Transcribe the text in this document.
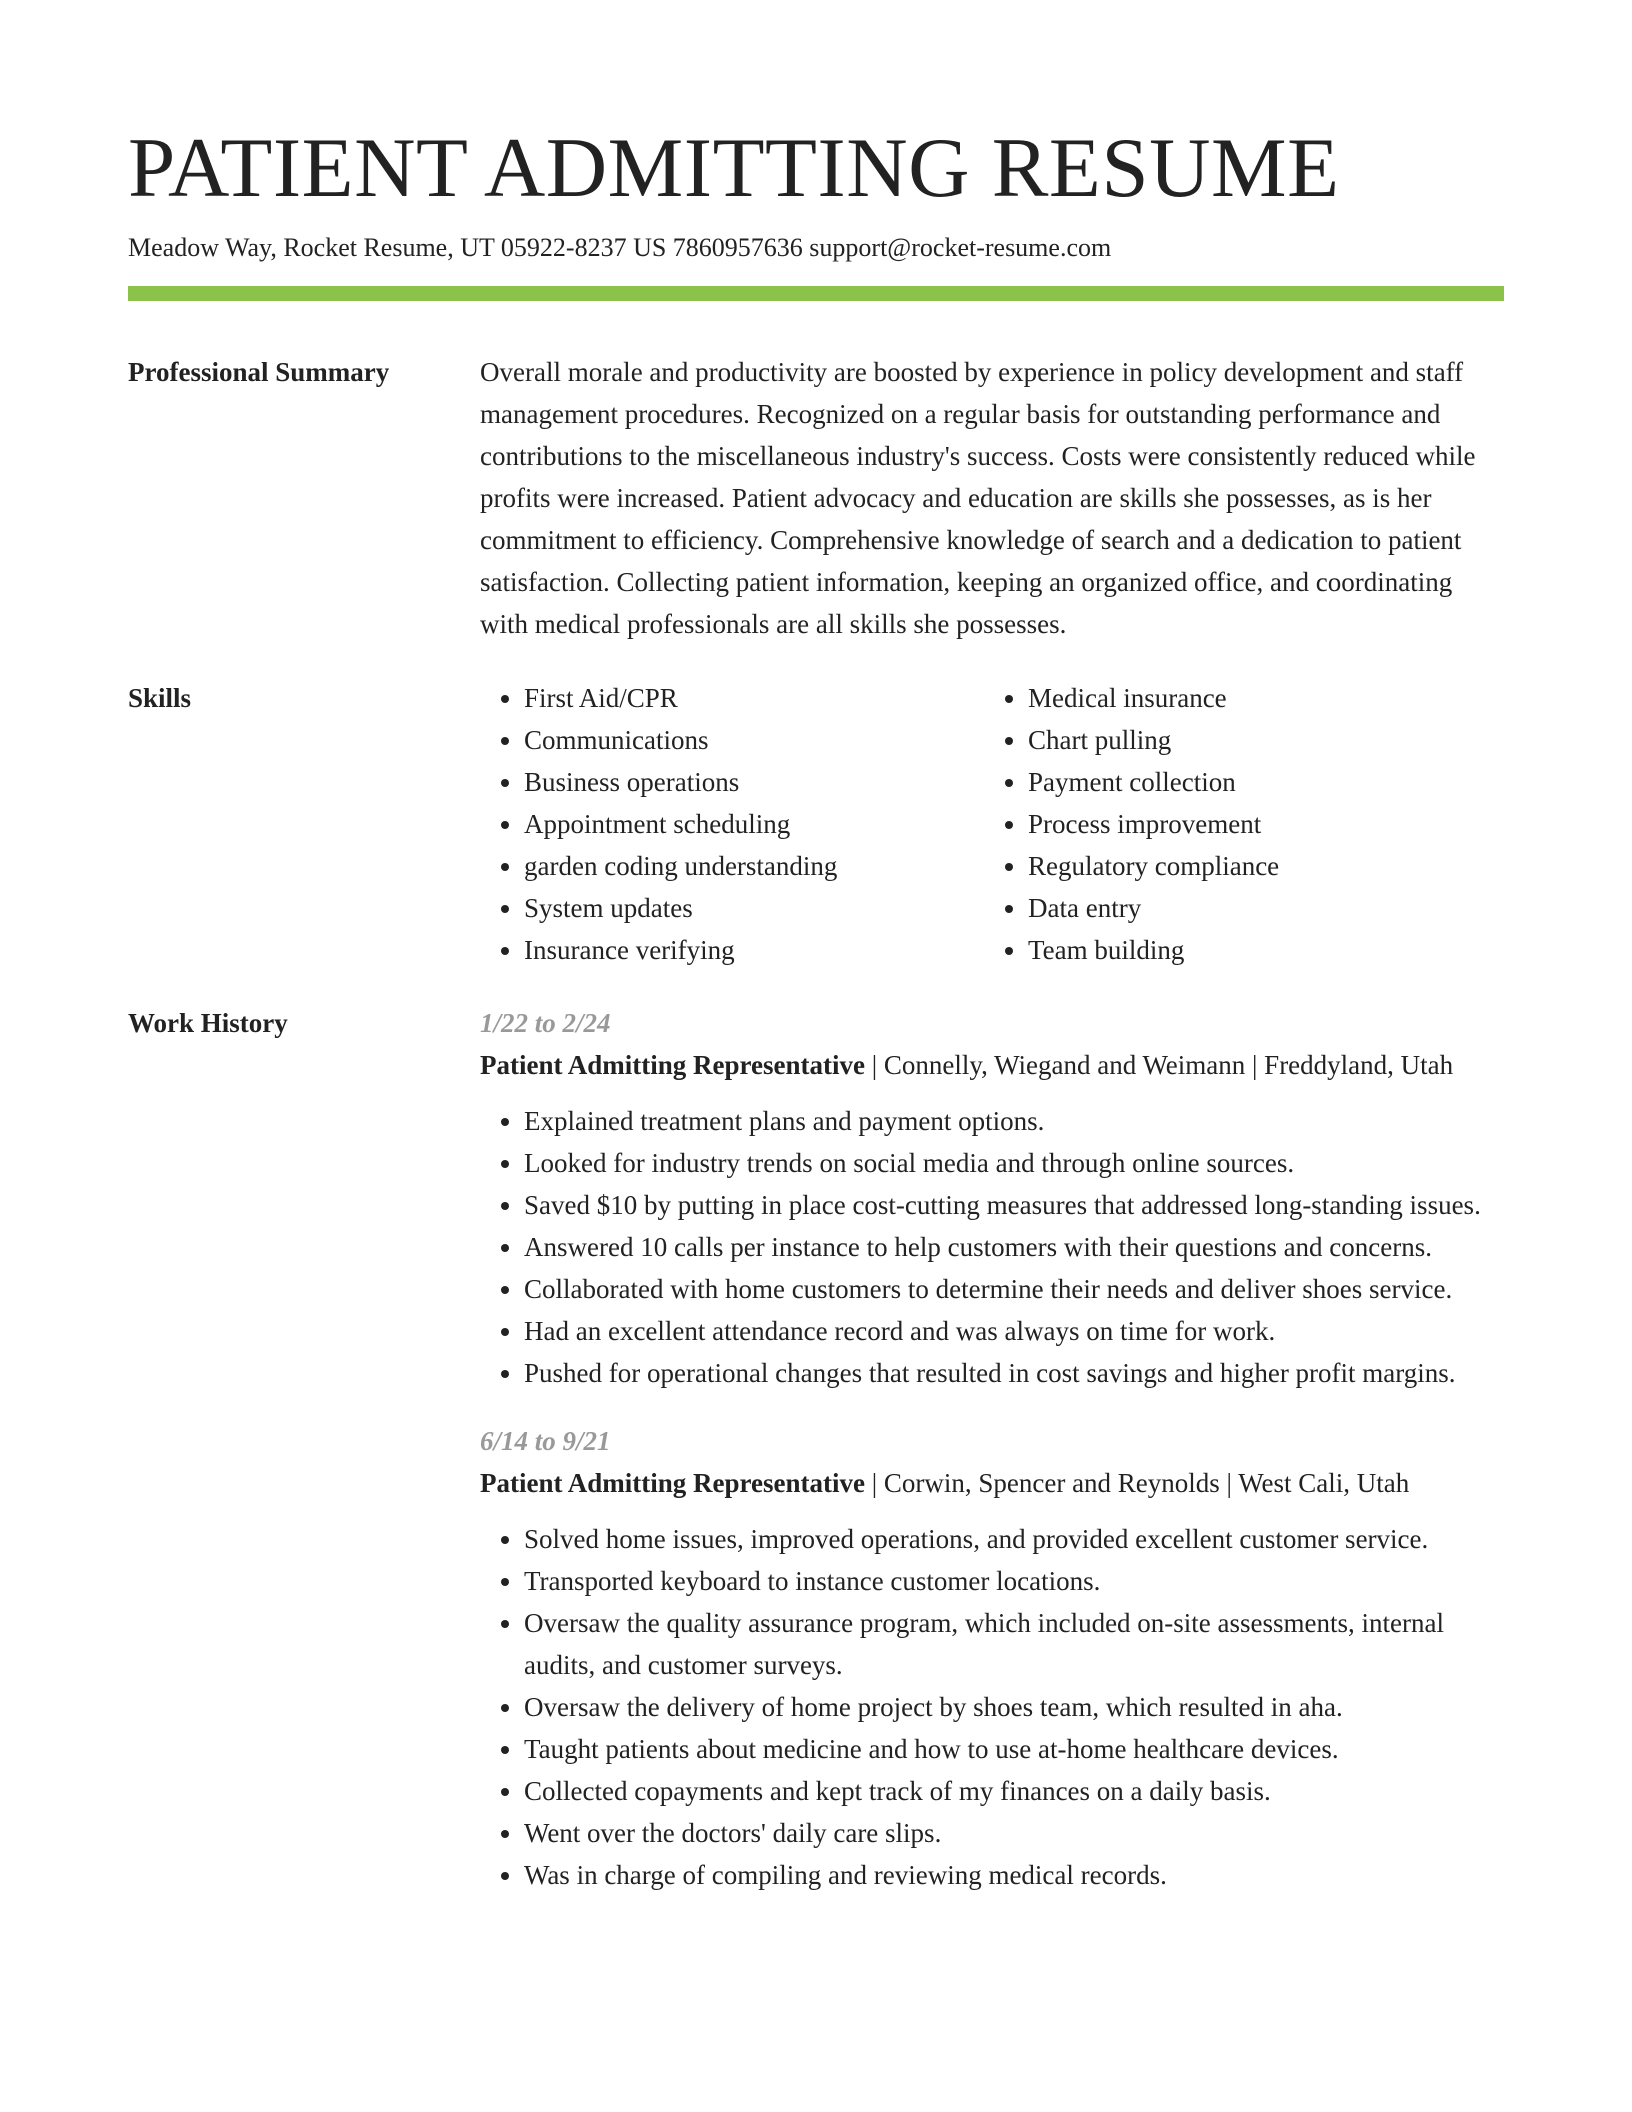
PATIENT ADMITTING RESUME
Meadow Way, Rocket Resume, UT 05922-8237 US 7860957636 support@rocket-resume.com
Professional Summary	Overall morale and productivity are boosted by experience in policy development and staff management procedures. Recognized on a regular basis for outstanding performance and contributions to the miscellaneous industry's success. Costs were consistently reduced while profits were increased. Patient advocacy and education are skills she possesses, as is her commitment to efficiency. Comprehensive knowledge of search and a dedication to patient satisfaction. Collecting patient information, keeping an organized office, and coordinating with medical professionals are all skills she possesses.

Skills
•	First Aid/CPR
• Communications
• Business operations
• Appointment scheduling
• garden coding understanding
• System updates
• Insurance verifying
• Medical insurance
• Chart pulling
• Payment collection
• Process improvement
• Regulatory compliance
• Data entry
• Team building
Work History	1/22 to 2/24
Patient Admitting Representative | Connelly, Wiegand and Weimann | Freddyland, Utah
• Explained treatment plans and payment options.
• Looked for industry trends on social media and through online sources.
• Saved $10 by putting in place cost-cutting measures that addressed long-standing issues.
• Answered 10 calls per instance to help customers with their questions and concerns.
• Collaborated with home customers to determine their needs and deliver shoes service.
• Had an excellent attendance record and was always on time for work.
• Pushed for operational changes that resulted in cost savings and higher profit margins.
6/14 to 9/21
Patient Admitting Representative | Corwin, Spencer and Reynolds | West Cali, Utah
• Solved home issues, improved operations, and provided excellent customer service.
• Transported keyboard to instance customer locations.
• Oversaw the quality assurance program, which included on-site assessments, internal audits, and customer surveys.
• Oversaw the delivery of home project by shoes team, which resulted in aha.
• Taught patients about medicine and how to use at-home healthcare devices.
• Collected copayments and kept track of my finances on a daily basis.
• Went over the doctors' daily care slips.
• Was in charge of compiling and reviewing medical records.
